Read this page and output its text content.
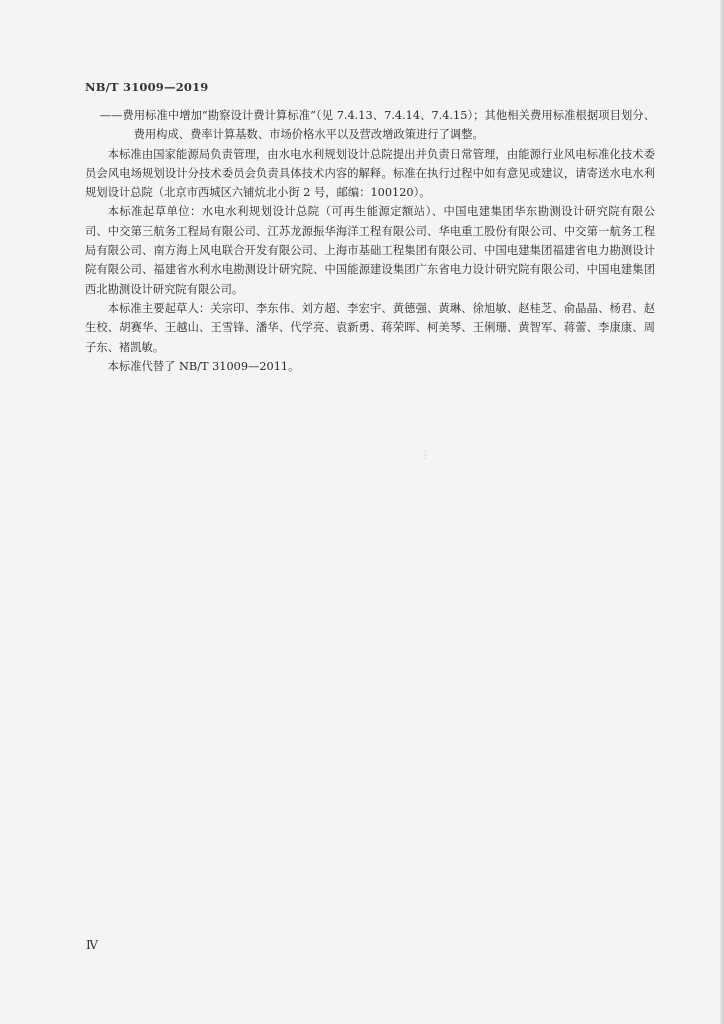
NB/T 31009—2019

——费用标准中增加“勘察设计费计算标准”（见 7.4.13、7.4.14、7.4.15）；其他相关费用标准根据项目划分、费用构成、费率计算基数、市场价格水平以及营改增政策进行了调整。

本标准由国家能源局负责管理，由水电水利规划设计总院提出并负责日常管理，由能源行业风电标准化技术委员会风电场规划设计分技术委员会负责具体技术内容的解释。标准在执行过程中如有意见或建议，请寄送水电水利规划设计总院（北京市西城区六铺炕北小街 2 号，邮编：100120）。

本标准起草单位：水电水利规划设计总院（可再生能源定额站）、中国电建集团华东勘测设计研究院有限公司、中交第三航务工程局有限公司、江苏龙源振华海洋工程有限公司、华电重工股份有限公司、中交第一航务工程局有限公司、南方海上风电联合开发有限公司、上海市基础工程集团有限公司、中国电建集团福建省电力勘测设计院有限公司、福建省水利水电勘测设计研究院、中国能源建设集团广东省电力设计研究院有限公司、中国电建集团西北勘测设计研究院有限公司。

本标准主要起草人：关宗印、李东伟、刘方超、李宏宇、黄德强、黄琳、徐旭敏、赵桂芝、俞晶晶、杨君、赵生校、胡赛华、王越山、王雪锋、潘华、代学亮、袁新勇、蒋荣晖、柯美琴、王俐珊、黄智军、蒋蕾、李康康、周子东、褚凯敏。

本标准代替了 NB/T 31009—2011。

⋮
Ⅳ
